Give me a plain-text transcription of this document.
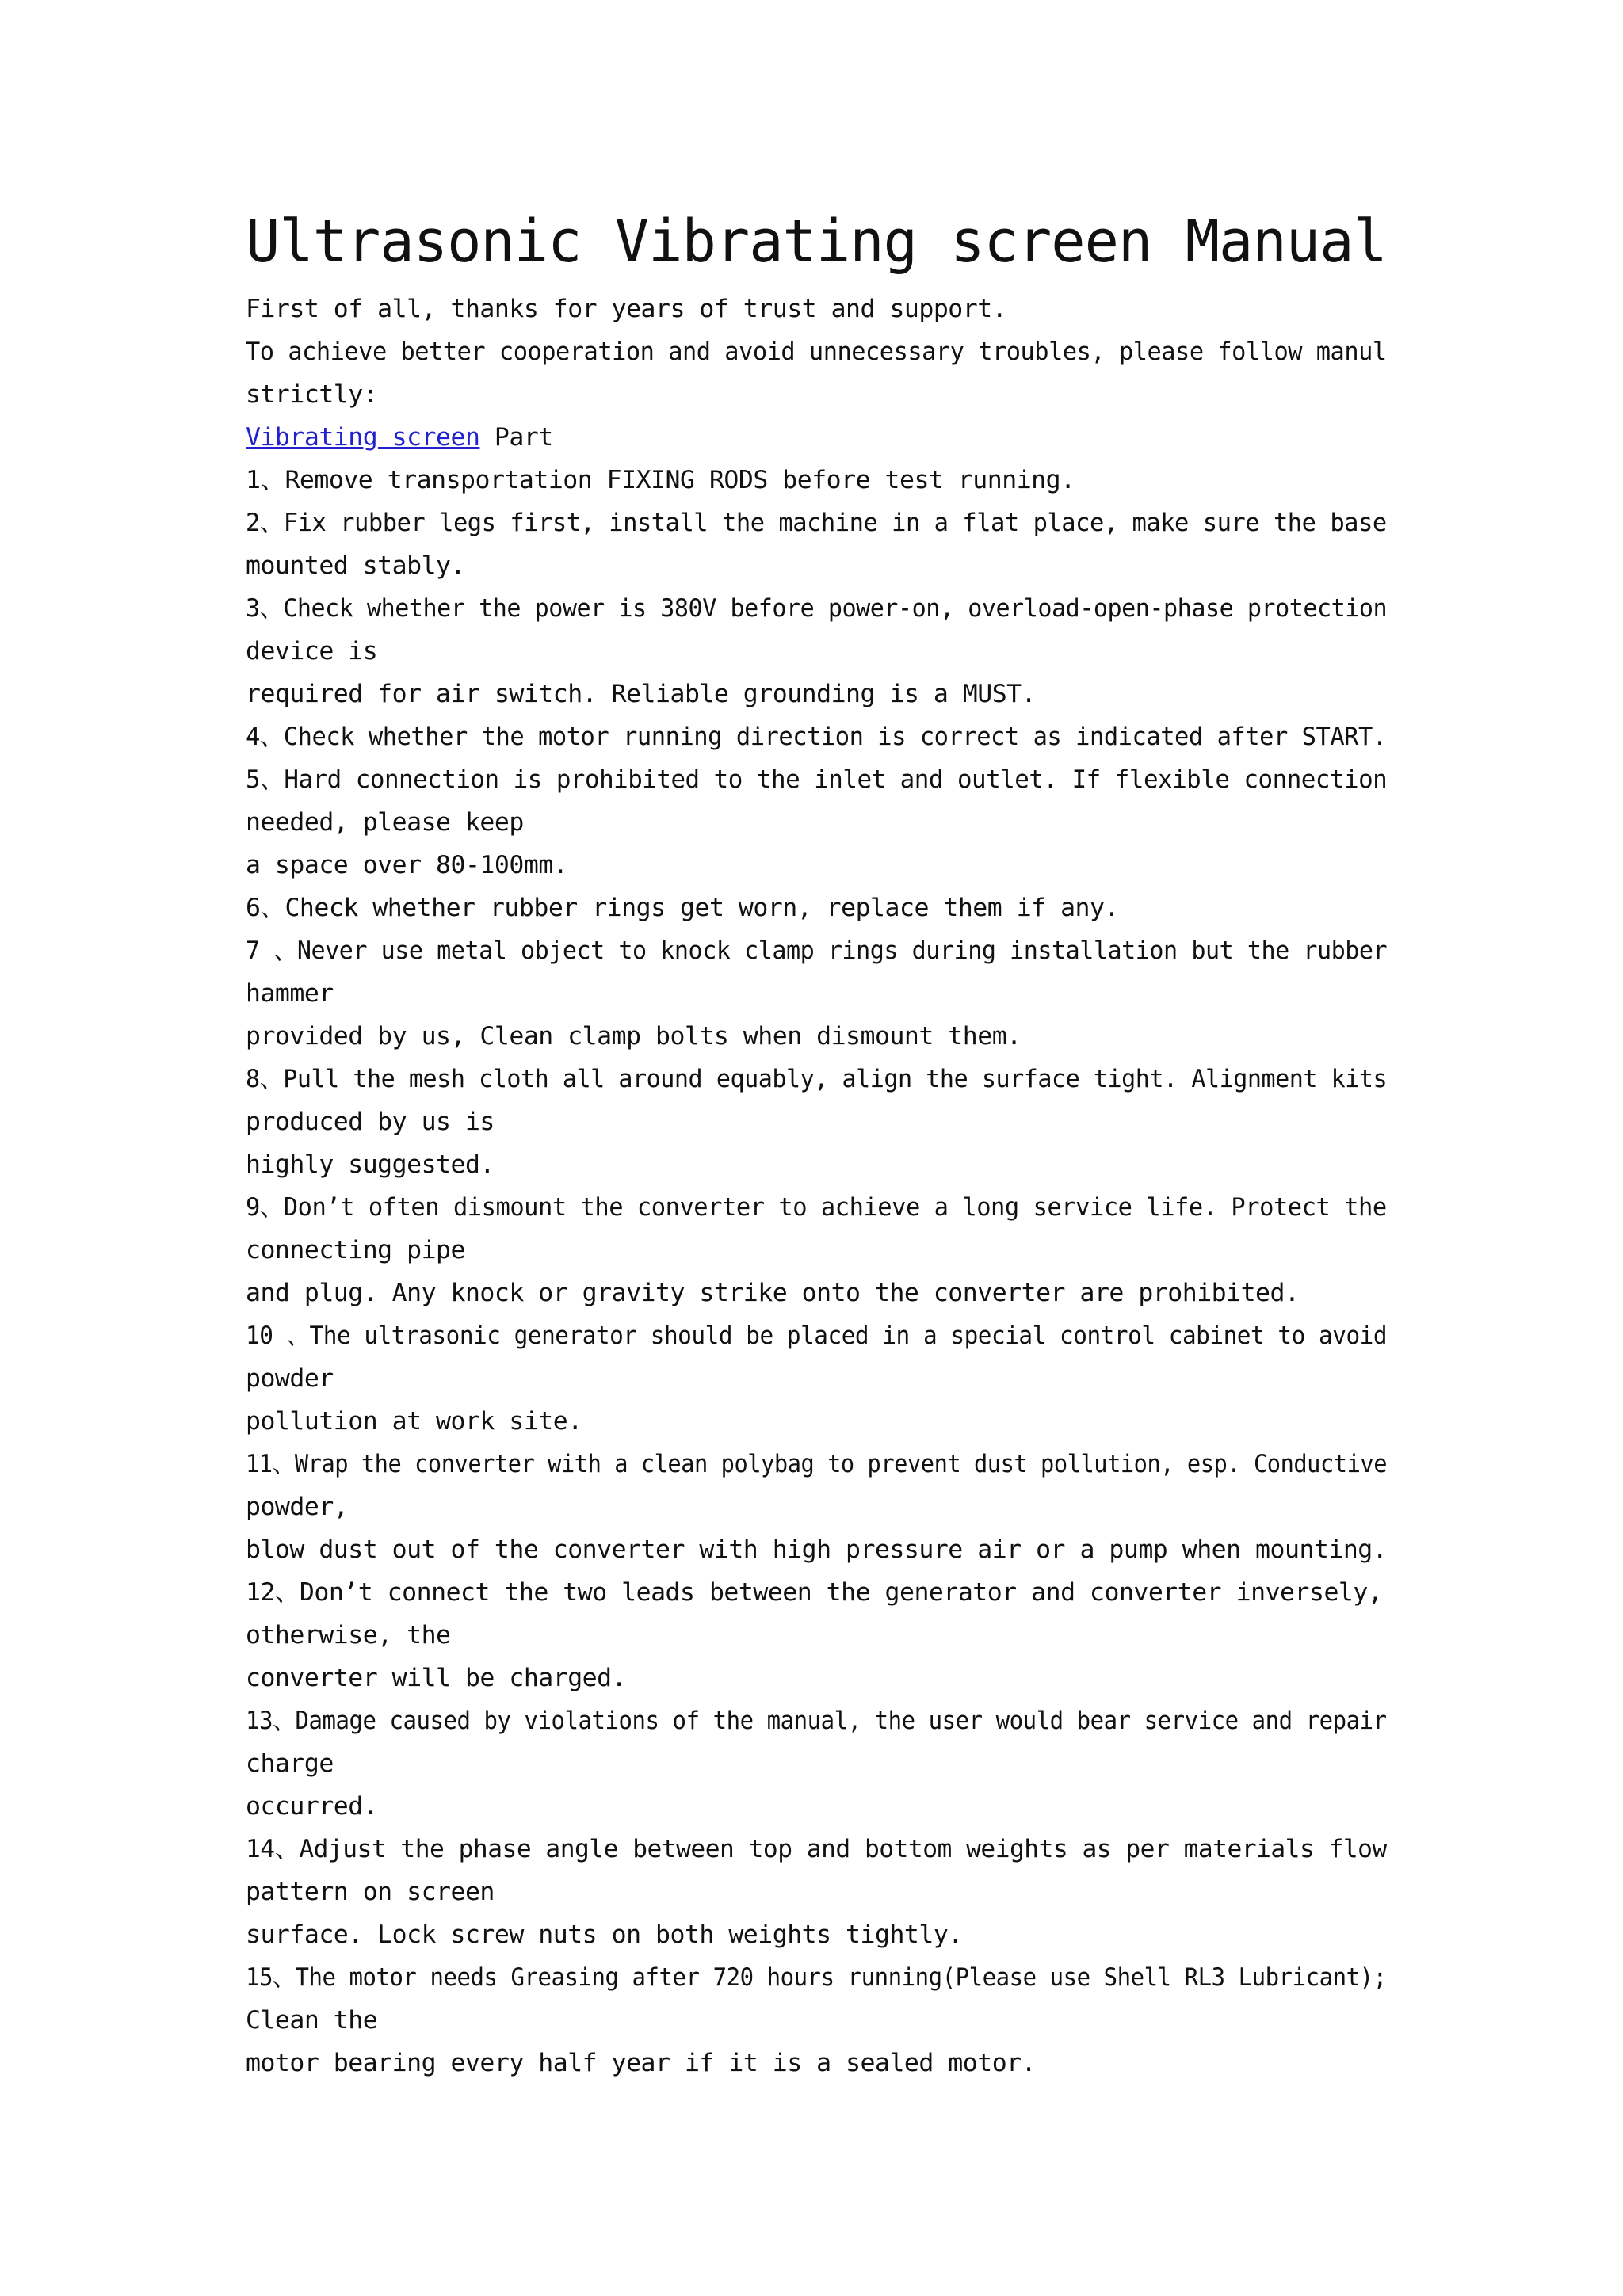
Ultrasonic Vibrating screen Manual

First of all, thanks for years of trust and support.

To achieve better cooperation and avoid unnecessary troubles, please follow manul

strictly:

Vibrating screen Part

1、Remove transportation FIXING RODS before test running.

2、Fix rubber legs first, install the machine in a flat place, make sure the base

mounted stably.

3、Check whether the power is 380V before power-on, overload-open-phase protection

device is

required for air switch. Reliable grounding is a MUST.

4、Check whether the motor running direction is correct as indicated after START.

5、Hard connection is prohibited to the inlet and outlet. If flexible connection

needed, please keep

a space over 80-100mm.

6、Check whether rubber rings get worn, replace them if any.

7 、Never use metal object to knock clamp rings during installation but the rubber

hammer

provided by us, Clean clamp bolts when dismount them.

8、Pull the mesh cloth all around equably, align the surface tight. Alignment kits

produced by us is

highly suggested.

9、Don’t often dismount the converter to achieve a long service life. Protect the

connecting pipe

and plug. Any knock or gravity strike onto the converter are prohibited.

10 、The ultrasonic generator should be placed in a special control cabinet to avoid

powder

pollution at work site.

11、Wrap the converter with a clean polybag to prevent dust pollution, esp. Conductive

powder,

blow dust out of the converter with high pressure air or a pump when mounting.

12、Don’t connect the two leads between the generator and converter inversely,

otherwise, the

converter will be charged.

13、Damage caused by violations of the manual, the user would bear service and repair

charge

occurred.

14、Adjust the phase angle between top and bottom weights as per materials flow

pattern on screen

surface. Lock screw nuts on both weights tightly.

15、The motor needs Greasing after 720 hours running(Please use Shell RL3 Lubricant);

Clean the

motor bearing every half year if it is a sealed motor.
